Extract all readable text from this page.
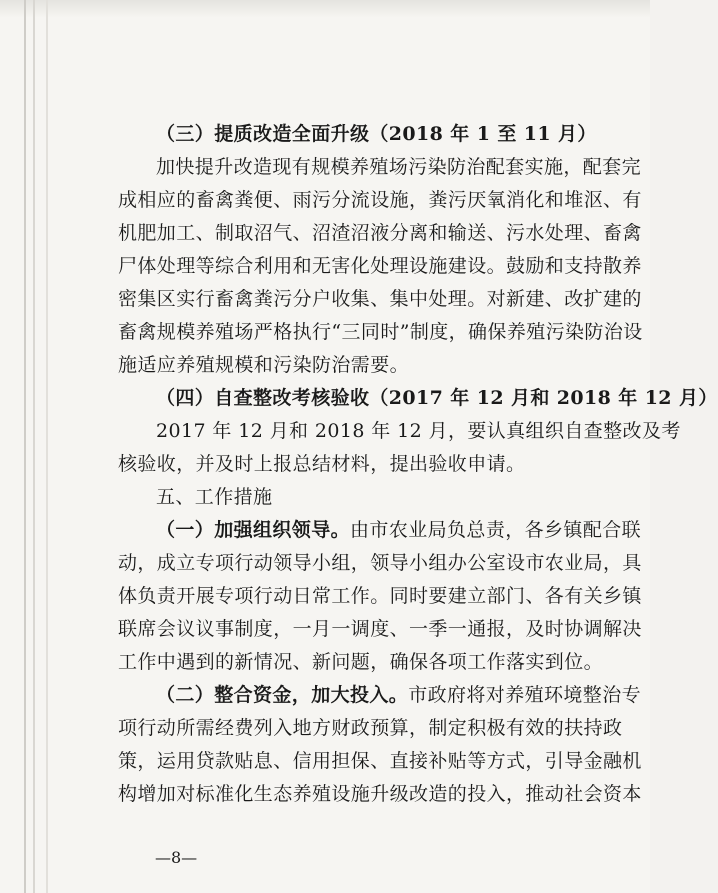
（三）提质改造全面升级（2018 年 1 至 11 月）
加快提升改造现有规模养殖场污染防治配套实施，配套完
成相应的畜禽粪便、雨污分流设施，粪污厌氧消化和堆沤、有
机肥加工、制取沼气、沼渣沼液分离和输送、污水处理、畜禽
尸体处理等综合利用和无害化处理设施建设。鼓励和支持散养
密集区实行畜禽粪污分户收集、集中处理。对新建、改扩建的
畜禽规模养殖场严格执行“三同时”制度，确保养殖污染防治设
施适应养殖规模和污染防治需要。
（四）自查整改考核验收（2017 年 12 月和 2018 年 12 月）
2017 年 12 月和 2018 年 12 月，要认真组织自查整改及考
核验收，并及时上报总结材料，提出验收申请。
五、工作措施
（一）加强组织领导。由市农业局负总责，各乡镇配合联
动，成立专项行动领导小组，领导小组办公室设市农业局，具
体负责开展专项行动日常工作。同时要建立部门、各有关乡镇
联席会议议事制度，一月一调度、一季一通报，及时协调解决
工作中遇到的新情况、新问题，确保各项工作落实到位。
（二）整合资金，加大投入。市政府将对养殖环境整治专
项行动所需经费列入地方财政预算，制定积极有效的扶持政
策，运用贷款贴息、信用担保、直接补贴等方式，引导金融机
构增加对标准化生态养殖设施升级改造的投入，推动社会资本
—8—
